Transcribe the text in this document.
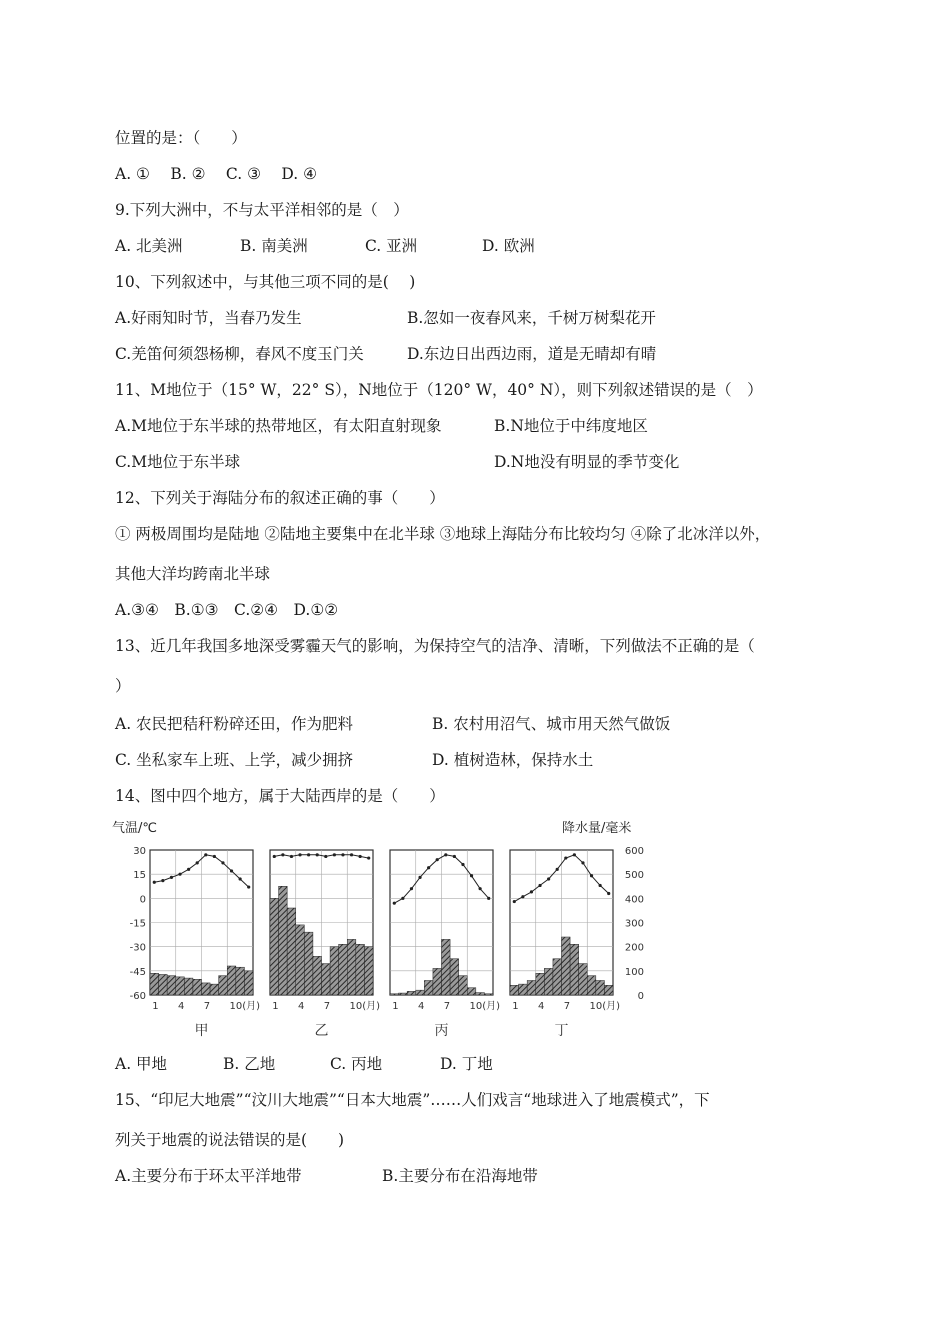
位置的是：（　　）
A. ①　 B. ②　 C. ③　 D. ④
9.下列大洲中，不与太平洋相邻的是（　）
A. 北美洲	B. 南美洲	C. 亚洲	D. 欧洲
10、下列叙述中，与其他三项不同的是(　 )
A.好雨知时节，当春乃发生	B.忽如一夜春风来，千树万树梨花开
C.羌笛何须怨杨柳，春风不度玉门关	D.东边日出西边雨，道是无晴却有晴
11、M地位于（15° W，22° S），N地位于（120° W，40° N），则下列叙述错误的是（　）
A.M地位于东半球的热带地区，有太阳直射现象	B.N地位于中纬度地区
C.M地位于东半球	D.N地没有明显的季节变化
12、下列关于海陆分布的叙述正确的事（　　）
① 两极周围均是陆地 ②陆地主要集中在北半球 ③地球上海陆分布比较均匀 ④除了北冰洋以外，
其他大洋均跨南北半球
A.③④　B.①③　C.②④　D.①②
13、近几年我国多地深受雾霾天气的影响，为保持空气的洁净、清晰，下列做法不正确的是（
）
A. 农民把秸秆粉碎还田，作为肥料	B. 农村用沼气、城市用天然气做饭
C. 坐私家车上班、上学，减少拥挤	D. 植树造林，保持水土
14、图中四个地方，属于大陆西岸的是（　　）
气温/℃	降水量/毫米
30
15
0
-15
-30
-45
-60
600
500
400
300
200
100
0
1 4 7 10(月)
甲
1 4 7 10(月)
乙
1 4 7 10(月)
丙
1 4 7 10(月)
丁
A. 甲地	B. 乙地	C. 丙地	D. 丁地
15、“印尼大地震”“汶川大地震”“日本大地震”……人们戏言“地球进入了地震模式”，下
列关于地震的说法错误的是(　　)
A.主要分布于环太平洋地带	B.主要分布在沿海地带
